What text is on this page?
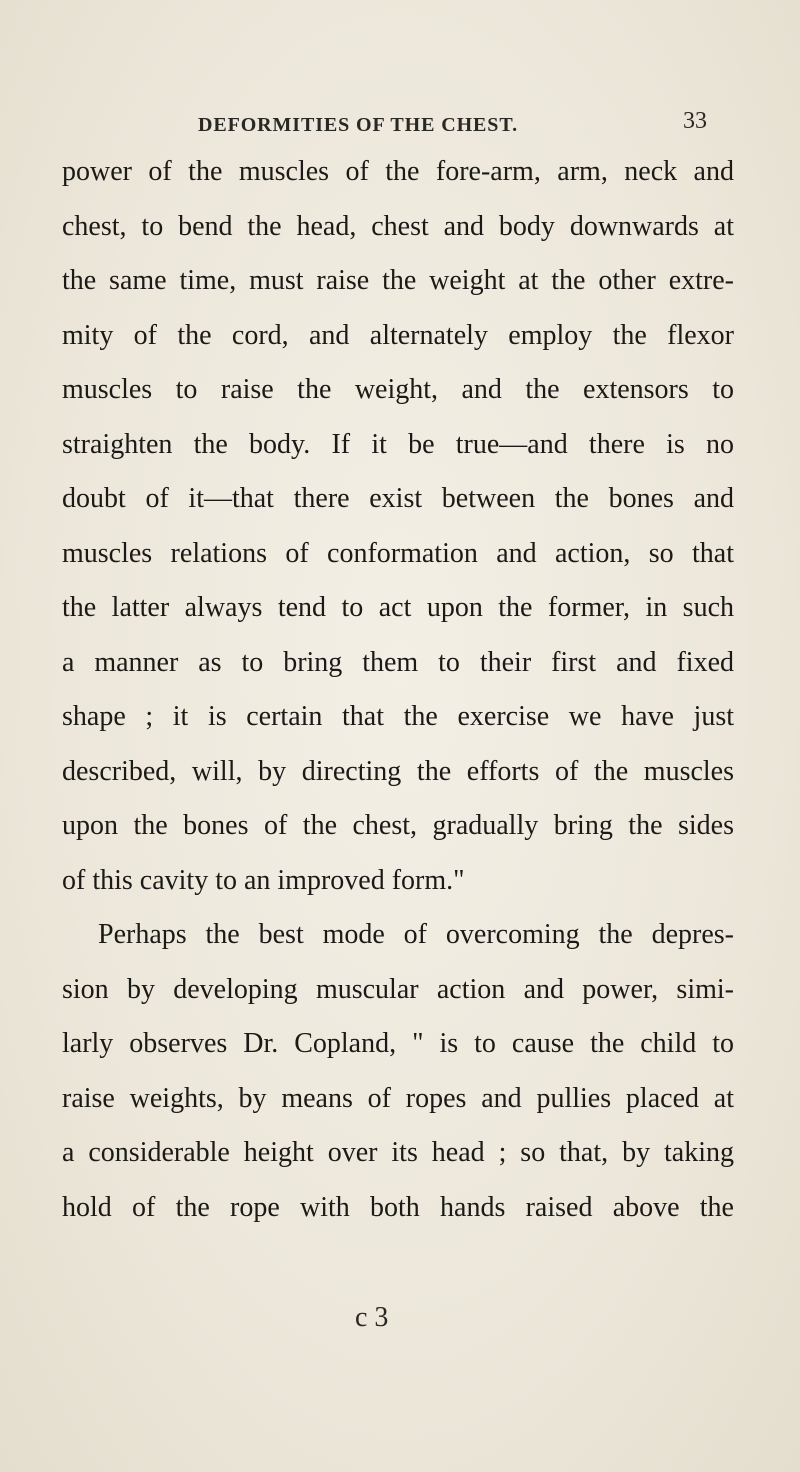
DEFORMITIES OF THE CHEST.	33
power of the muscles of the fore-arm, arm, neck and
chest, to bend the head, chest and body downwards at
the same time, must raise the weight at the other extre-
mity of the cord, and alternately employ the flexor
muscles to raise the weight, and the extensors to
straighten the body. If it be true—and there is no
doubt of it—that there exist between the bones and
muscles relations of conformation and action, so that
the latter always tend to act upon the former, in such
a manner as to bring them to their first and fixed
shape ; it is certain that the exercise we have just
described, will, by directing the efforts of the muscles
upon the bones of the chest, gradually bring the sides
of this cavity to an improved form."
Perhaps the best mode of overcoming the depres-
sion by developing muscular action and power, simi-
larly observes Dr. Copland, " is to cause the child to
raise weights, by means of ropes and pullies placed at
a considerable height over its head ; so that, by taking
hold of the rope with both hands raised above the
c 3
